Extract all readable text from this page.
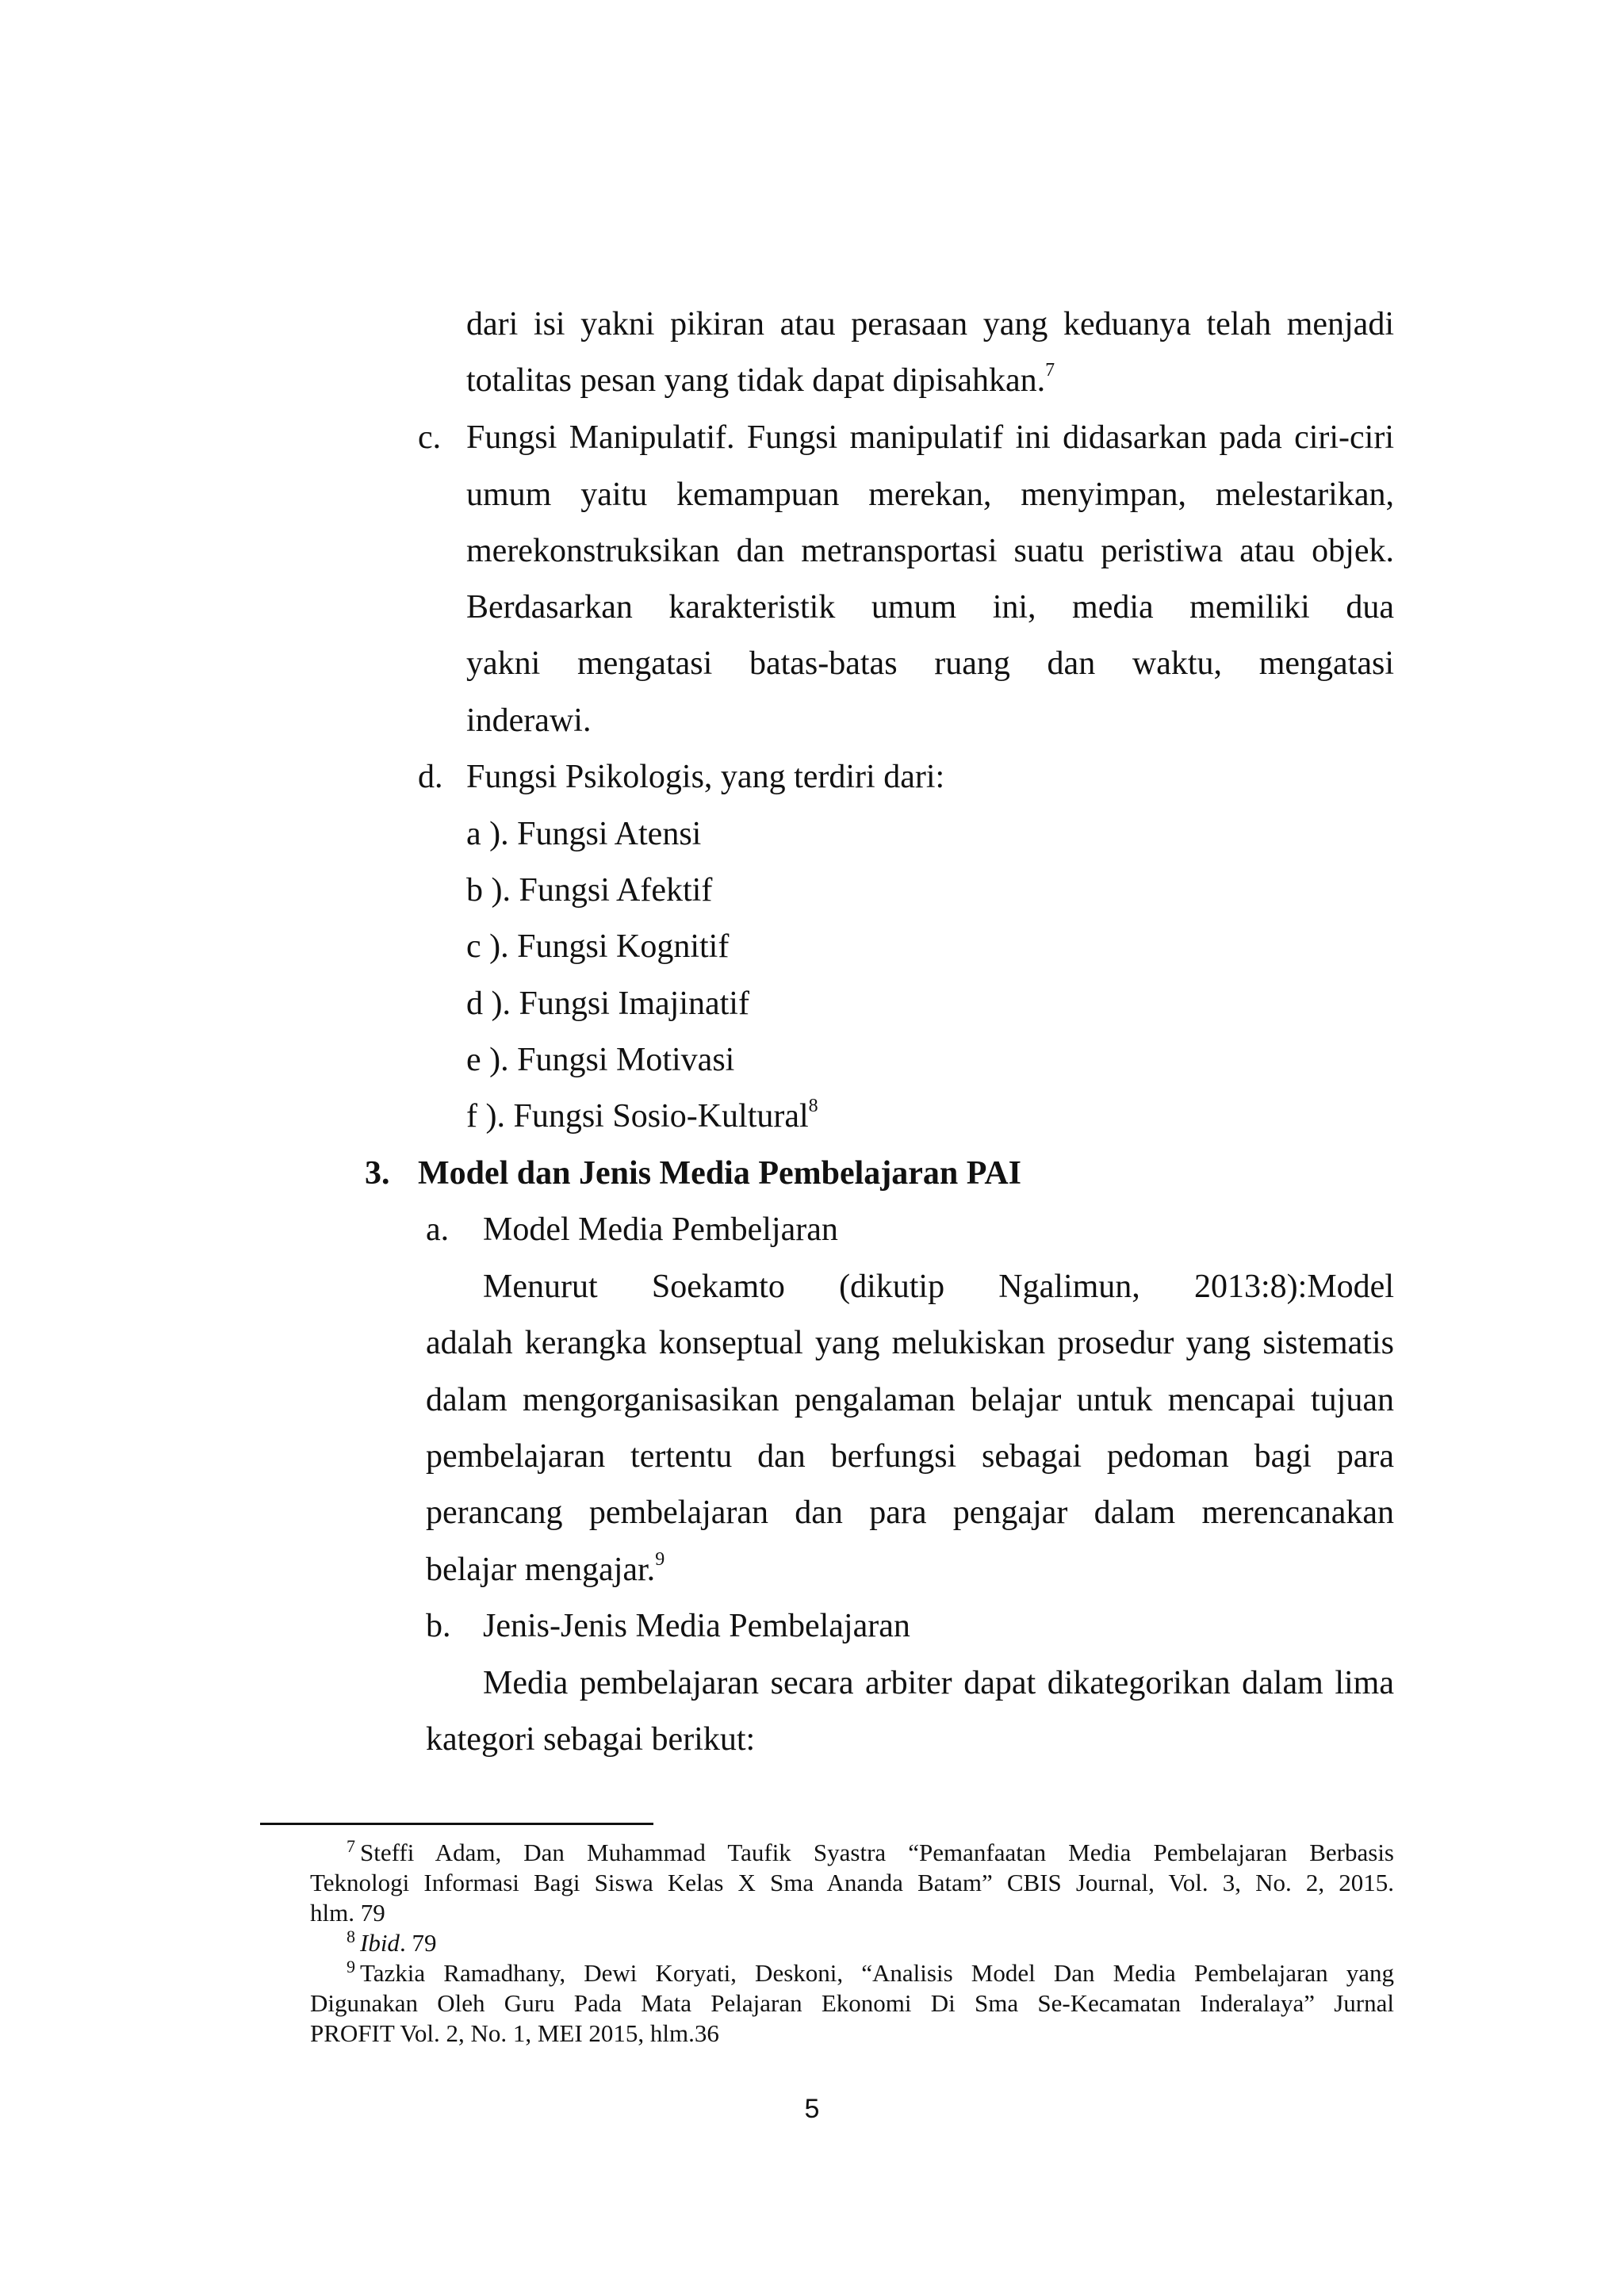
dari isi yakni pikiran atau perasaan yang keduanya telah menjadi
totalitas pesan yang tidak dapat dipisahkan.$^7$
c. Fungsi Manipulatif. Fungsi manipulatif ini didasarkan pada ciri-ciri
umum yaitu kemampuan merekan, menyimpan, melestarikan,
merekonstruksikan dan metransportasi suatu peristiwa atau objek.
Berdasarkan karakteristik umum ini, media memiliki dua
yakni mengatasi batas-batas ruang dan waktu, mengatasi
inderawi.
d. Fungsi Psikologis, yang terdiri dari:
a ). Fungsi Atensi
b ). Fungsi Afektif
c ). Fungsi Kognitif
d ). Fungsi Imajinatif
e ). Fungsi Motivasi
f ). Fungsi Sosio-Kultural$^8$
3. Model dan Jenis Media Pembelajaran PAI
a. Model Media Pembeljaran
Menurut Soekamto (dikutip Ngalimun, 2013:8):Model
adalah kerangka konseptual yang melukiskan prosedur yang sistematis
dalam mengorganisasikan pengalaman belajar untuk mencapai tujuan
pembelajaran tertentu dan berfungsi sebagai pedoman bagi para
perancang pembelajaran dan para pengajar dalam merencanakan
belajar mengajar.$^9$
b. Jenis-Jenis Media Pembelajaran
Media pembelajaran secara arbiter dapat dikategorikan dalam lima
kategori sebagai berikut:
$^7$ Steffi Adam, Dan Muhammad Taufik Syastra “Pemanfaatan Media Pembelajaran Berbasis
Teknologi Informasi Bagi Siswa Kelas X Sma Ananda Batam” CBIS Journal, Vol. 3, No. 2, 2015.
hlm. 79
$^8$ Ibid. 79
$^9$ Tazkia Ramadhany, Dewi Koryati, Deskoni, “Analisis Model Dan Media Pembelajaran yang
Digunakan Oleh Guru Pada Mata Pelajaran Ekonomi Di Sma Se-Kecamatan Inderalaya” Jurnal
PROFIT Vol. 2, No. 1, MEI 2015, hlm.36
5
